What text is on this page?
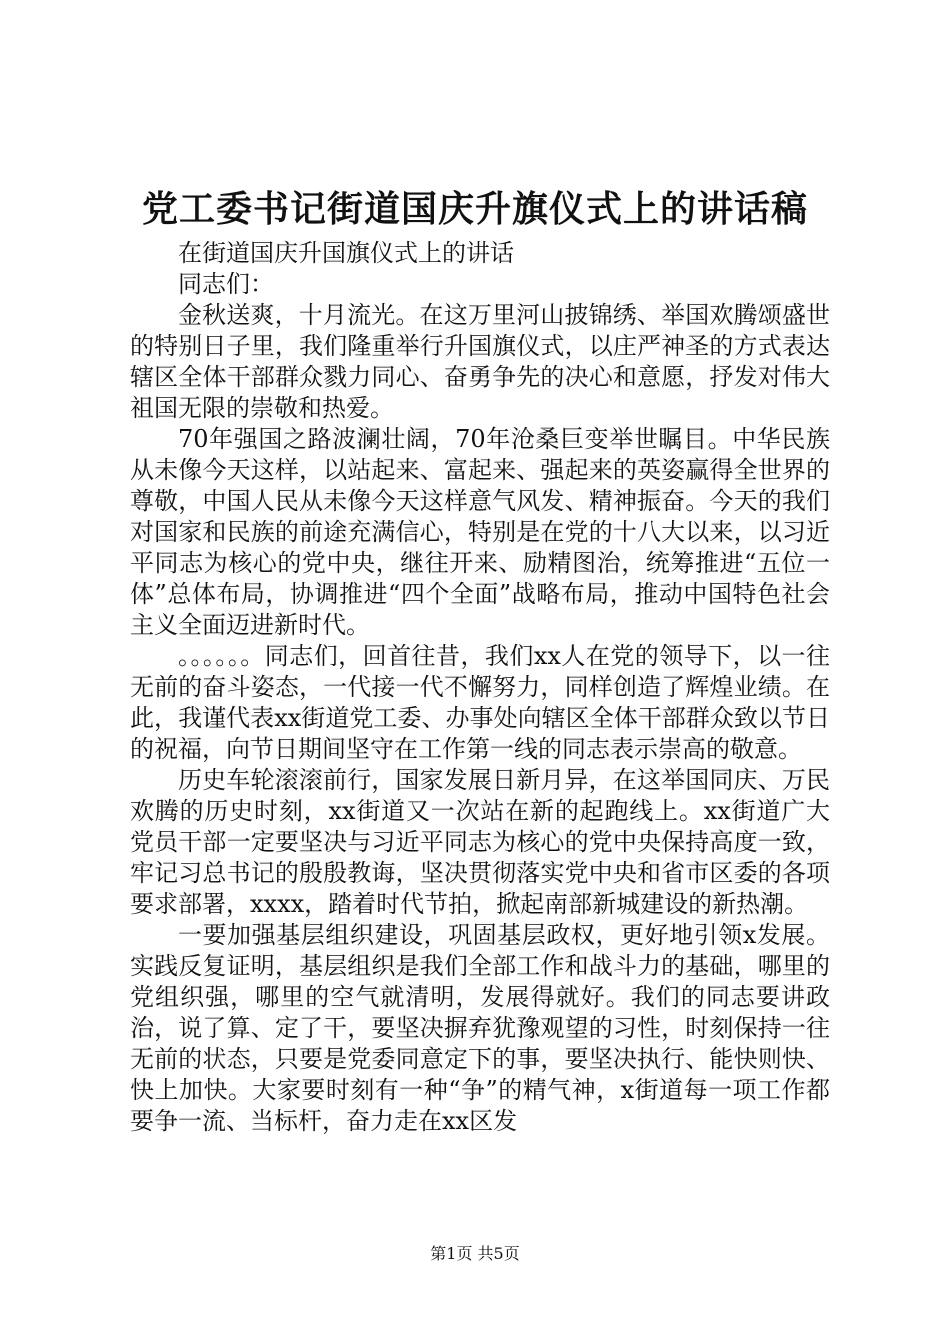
党工委书记街道国庆升旗仪式上的讲话稿

在街道国庆升国旗仪式上的讲话

同志们：

金秋送爽，十月流光。在这万里河山披锦绣、举国欢腾颂盛世的特别日子里，我们隆重举行升国旗仪式，以庄严神圣的方式表达辖区全体干部群众戮力同心、奋勇争先的决心和意愿，抒发对伟大祖国无限的崇敬和热爱。

70年强国之路波澜壮阔，70年沧桑巨变举世瞩目。中华民族从未像今天这样，以站起来、富起来、强起来的英姿赢得全世界的尊敬，中国人民从未像今天这样意气风发、精神振奋。今天的我们对国家和民族的前途充满信心，特别是在党的十八大以来，以习近平同志为核心的党中央，继往开来、励精图治，统筹推进“五位一体”总体布局，协调推进“四个全面”战略布局，推动中国特色社会主义全面迈进新时代。

。。。。。。同志们，回首往昔，我们xx人在党的领导下，以一往无前的奋斗姿态，一代接一代不懈努力，同样创造了辉煌业绩。在此，我谨代表xx街道党工委、办事处向辖区全体干部群众致以节日的祝福，向节日期间坚守在工作第一线的同志表示崇高的敬意。

历史车轮滚滚前行，国家发展日新月异，在这举国同庆、万民欢腾的历史时刻，xx街道又一次站在新的起跑线上。xx街道广大党员干部一定要坚决与习近平同志为核心的党中央保持高度一致，牢记习总书记的殷殷教诲，坚决贯彻落实党中央和省市区委的各项要求部署，xxxx，踏着时代节拍，掀起南部新城建设的新热潮。

一要加强基层组织建设，巩固基层政权，更好地引领x发展。实践反复证明，基层组织是我们全部工作和战斗力的基础，哪里的党组织强，哪里的空气就清明，发展得就好。我们的同志要讲政治，说了算、定了干，要坚决摒弃犹豫观望的习性，时刻保持一往无前的状态，只要是党委同意定下的事，要坚决执行、能快则快、快上加快。大家要时刻有一种“争”的精气神，x街道每一项工作都要争一流、当标杆，奋力走在xx区发

第1页 共5页
